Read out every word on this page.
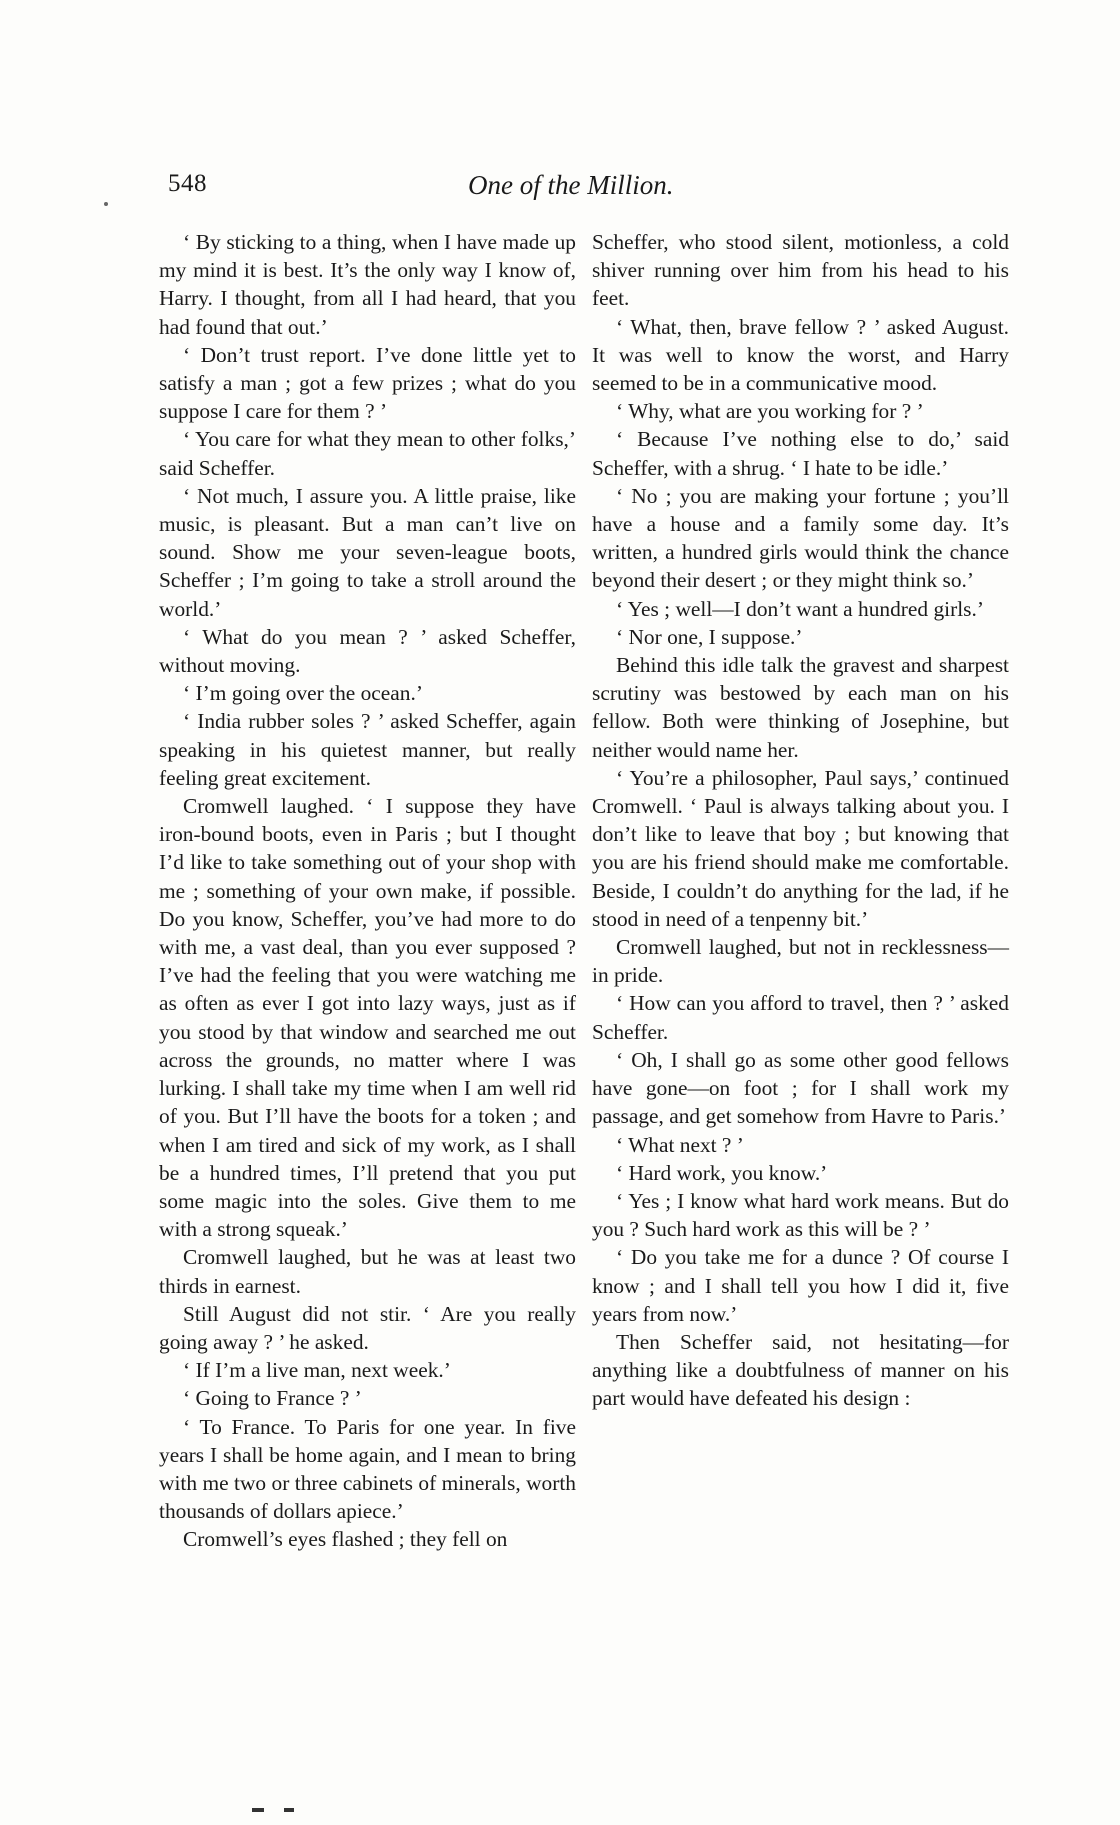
548	One of the Million.

‘ By sticking to a thing, when I have made up my mind it is best. It’s the only way I know of, Harry. I thought, from all I had heard, that you had found that out.’

‘ Don’t trust report. I’ve done little yet to satisfy a man ; got a few prizes ; what do you suppose I care for them ? ’

‘ You care for what they mean to other folks,’ said Scheffer.

‘ Not much, I assure you. A little praise, like music, is pleasant. But a man can’t live on sound. Show me your seven-league boots, Scheffer ; I’m going to take a stroll around the world.’

‘ What do you mean ? ’ asked Scheffer, without moving.

‘ I’m going over the ocean.’

‘ India rubber soles ? ’ asked Scheffer, again speaking in his quietest manner, but really feeling great excitement.

Cromwell laughed. ‘ I suppose they have iron-bound boots, even in Paris ; but I thought I’d like to take something out of your shop with me ; something of your own make, if possible. Do you know, Scheffer, you’ve had more to do with me, a vast deal, than you ever supposed ? I’ve had the feeling that you were watching me as often as ever I got into lazy ways, just as if you stood by that window and searched me out across the grounds, no matter where I was lurking. I shall take my time when I am well rid of you. But I’ll have the boots for a token ; and when I am tired and sick of my work, as I shall be a hundred times, I’ll pretend that you put some magic into the soles. Give them to me with a strong squeak.’

Cromwell laughed, but he was at least two thirds in earnest.

Still August did not stir. ‘ Are you really going away ? ’ he asked.

‘ If I’m a live man, next week.’

‘ Going to France ? ’

‘ To France. To Paris for one year. In five years I shall be home again, and I mean to bring with me two or three cabinets of minerals, worth thousands of dollars apiece.’

Cromwell’s eyes flashed ; they fell on

Scheffer, who stood silent, motionless, a cold shiver running over him from his head to his feet.

‘ What, then, brave fellow ? ’ asked August. It was well to know the worst, and Harry seemed to be in a communicative mood.

‘ Why, what are you working for ? ’

‘ Because I’ve nothing else to do,’ said Scheffer, with a shrug. ‘ I hate to be idle.’

‘ No ; you are making your fortune ; you’ll have a house and a family some day. It’s written, a hundred girls would think the chance beyond their desert ; or they might think so.’

‘ Yes ; well—I don’t want a hundred girls.’

‘ Nor one, I suppose.’

Behind this idle talk the gravest and sharpest scrutiny was bestowed by each man on his fellow. Both were thinking of Josephine, but neither would name her.

‘ You’re a philosopher, Paul says,’ continued Cromwell. ‘ Paul is always talking about you. I don’t like to leave that boy ; but knowing that you are his friend should make me comfortable. Beside, I couldn’t do anything for the lad, if he stood in need of a tenpenny bit.’

Cromwell laughed, but not in recklessness—in pride.

‘ How can you afford to travel, then ? ’ asked Scheffer.

‘ Oh, I shall go as some other good fellows have gone—on foot ; for I shall work my passage, and get somehow from Havre to Paris.’

‘ What next ? ’

‘ Hard work, you know.’

‘ Yes ; I know what hard work means. But do you ? Such hard work as this will be ? ’

‘ Do you take me for a dunce ? Of course I know ; and I shall tell you how I did it, five years from now.’

Then Scheffer said, not hesitating—for anything like a doubtfulness of manner on his part would have defeated his design :
